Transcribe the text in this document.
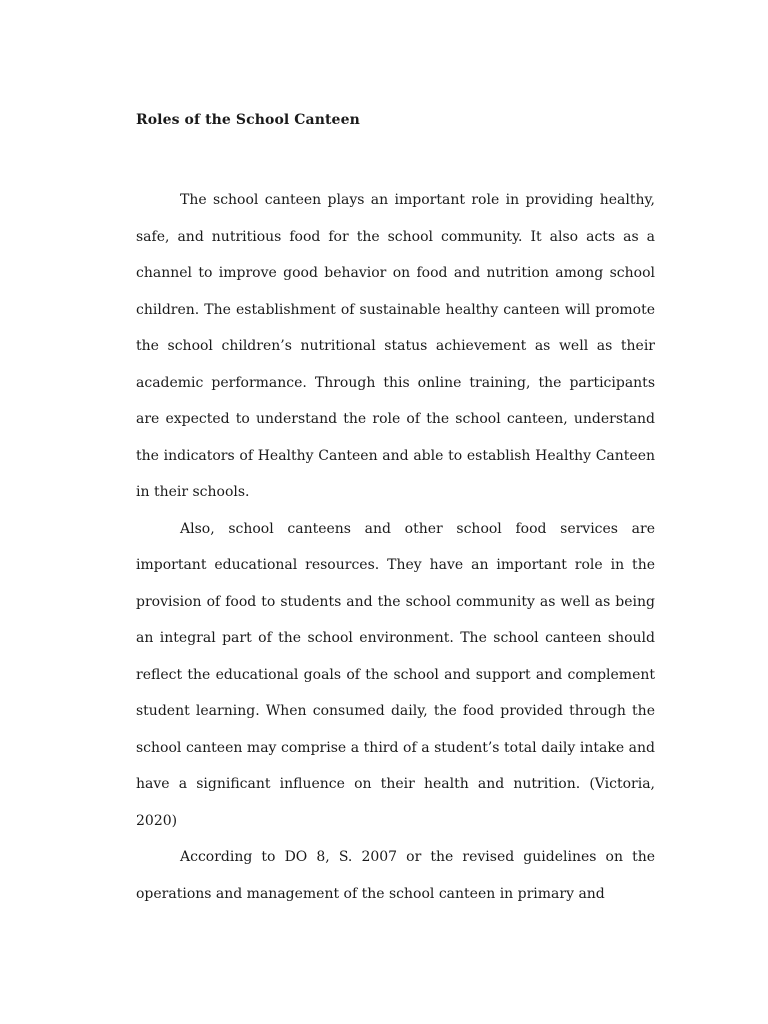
Roles of the School Canteen

The school canteen plays an important role in providing healthy, safe, and nutritious food for the school community. It also acts as a channel to improve good behavior on food and nutrition among school children. The establishment of sustainable healthy canteen will promote the school children’s nutritional status achievement as well as their academic performance. Through this online training, the participants are expected to understand the role of the school canteen, understand the indicators of Healthy Canteen and able to establish Healthy Canteen in their schools.

Also, school canteens and other school food services are important educational resources. They have an important role in the provision of food to students and the school community as well as being an integral part of the school environment. The school canteen should reflect the educational goals of the school and support and complement student learning. When consumed daily, the food provided through the school canteen may comprise a third of a student’s total daily intake and have a significant influence on their health and nutrition. (Victoria, 2020)

According to DO 8, S. 2007 or the revised guidelines on the operations and management of the school canteen in primary and
